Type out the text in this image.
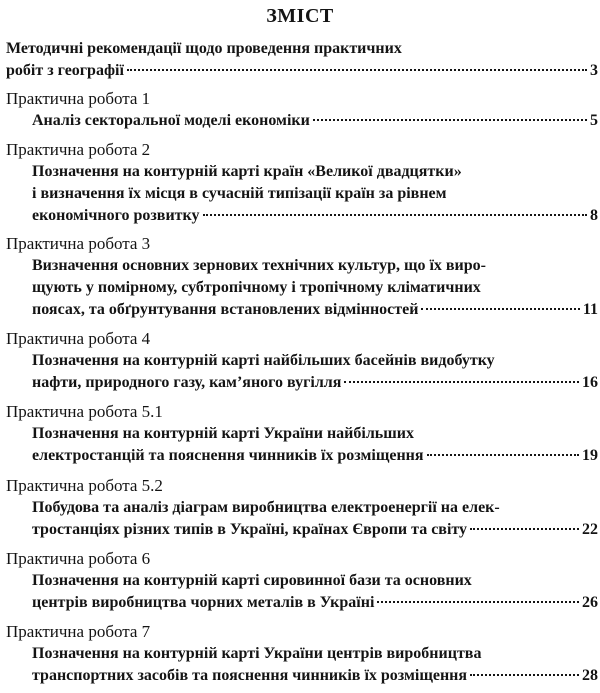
ЗМІСТ
Методичні рекомендації щодо проведення практичних
робіт з географії	3
Практична робота 1
Аналіз секторальної моделі економіки	5
Практична робота 2
Позначення на контурній карті країн «Великої двадцятки»
і визначення їх місця в сучасній типізації країн за рівнем
економічного розвитку	8
Практична робота 3
Визначення основних зернових технічних культур, що їх виро-
щують у помірному, субтропічному і тропічному кліматичних
поясах, та обґрунтування встановлених відмінностей	11
Практична робота 4
Позначення на контурній карті найбільших басейнів видобутку
нафти, природного газу, кам’яного вугілля	16
Практична робота 5.1
Позначення на контурній карті України найбільших
електростанцій та пояснення чинників їх розміщення	19
Практична робота 5.2
Побудова та аналіз діаграм виробництва електроенергії на елек-
тростанціях різних типів в Україні, країнах Європи та світу	22
Практична робота 6
Позначення на контурній карті сировинної бази та основних
центрів виробництва чорних металів в Україні	26
Практична робота 7
Позначення на контурній карті України центрів виробництва
транспортних засобів та пояснення чинників їх розміщення	28
